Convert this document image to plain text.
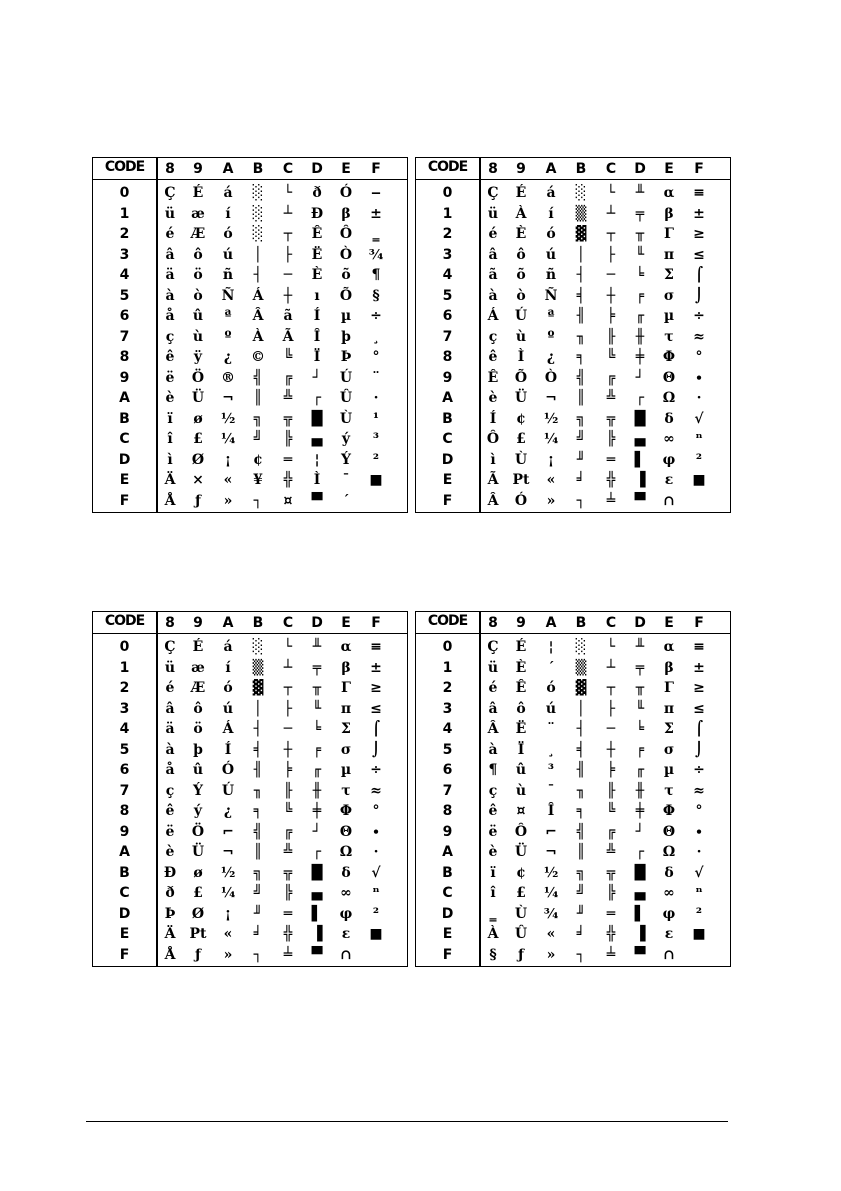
CODE	8	9	A	B	C	D	E	F
0	Ç	É	á	░	└	ð	Ó	‒
1	ü	æ	í	░	┴	Ð	β	±
2	é	Æ	ó	░	┬	Ê	Ô	‗
3	â	ô	ú	│	├	Ë	Ò	¾
4	ä	ö	ñ	┤	─	È	õ	¶
5	à	ò	Ñ	Á	┼	ı	Õ	§
6	å	û	ª	Â	ã	Í	µ	÷
7	ç	ù	º	À	Ã	Î	þ	¸
8	ê	ÿ	¿	©	╚	Ï	Þ	°
9	ë	Ö	®	╣	╔	┘	Ú	¨
A	è	Ü	¬	║	╩	┌	Û	·
B	ï	ø	½	╗	╦	█	Ù	¹
C	î	£	¼	╝	╠	▄	ý	³
D	ì	Ø	¡	¢	═	¦	Ý	²
E	Ä	×	«	¥	╬	Ì	¯	■
F	Å	ƒ	»	┐	¤	▀	´
CODE	8	9	A	B	C	D	E	F
0	Ç	É	á	░	└	╨	α	≡
1	ü	À	í	▒	┴	╤	β	±
2	é	È	ó	▓	┬	╥	Γ	≥
3	â	ô	ú	│	├	╙	π	≤
4	ã	õ	ñ	┤	─	╘	Σ	⌠
5	à	ò	Ñ	╡	┼	╒	σ	⌡
6	Á	Ú	ª	╢	╞	╓	µ	÷
7	ç	ù	º	╖	╟	╫	τ	≈
8	ê	Ì	¿	╕	╚	╪	Φ	°
9	Ê	Õ	Ò	╣	╔	┘	Θ	∙
A	è	Ü	¬	║	╩	┌	Ω	·
B	Í	¢	½	╗	╦	█	δ	√
C	Ô	£	¼	╝	╠	▄	∞	ⁿ
D	ì	Ù	¡	╜	═	▌	φ	²
E	Ã	Pt	«	╛	╬	▐	ε	■
F	Â	Ó	»	┐	╧	▀	∩
CODE	8	9	A	B	C	D	E	F
0	Ç	É	á	░	└	╨	α	≡
1	ü	æ	í	▒	┴	╤	β	±
2	é	Æ	ó	▓	┬	╥	Γ	≥
3	â	ô	ú	│	├	╙	π	≤
4	ä	ö	Á	┤	─	╘	Σ	⌠
5	à	þ	Í	╡	┼	╒	σ	⌡
6	å	û	Ó	╢	╞	╓	µ	÷
7	ç	Ý	Ú	╖	╟	╫	τ	≈
8	ê	ý	¿	╕	╚	╪	Φ	°
9	ë	Ö	⌐	╣	╔	┘	Θ	∙
A	è	Ü	¬	║	╩	┌	Ω	·
B	Ð	ø	½	╗	╦	█	δ	√
C	ð	£	¼	╝	╠	▄	∞	ⁿ
D	Þ	Ø	¡	╜	═	▌	φ	²
E	Ä	Pt	«	╛	╬	▐	ε	■
F	Å	ƒ	»	┐	╧	▀	∩
CODE	8	9	A	B	C	D	E	F
0	Ç	É	¦	░	└	╨	α	≡
1	ü	È	´	▒	┴	╤	β	±
2	é	Ê	ó	▓	┬	╥	Γ	≥
3	â	ô	ú	│	├	╙	π	≤
4	Â	Ë	¨	┤	─	╘	Σ	⌠
5	à	Ï	¸	╡	┼	╒	σ	⌡
6	¶	û	³	╢	╞	╓	µ	÷
7	ç	ù	¯	╖	╟	╫	τ	≈
8	ê	¤	Î	╕	╚	╪	Φ	°
9	ë	Ô	⌐	╣	╔	┘	Θ	∙
A	è	Ü	¬	║	╩	┌	Ω	·
B	ï	¢	½	╗	╦	█	δ	√
C	î	£	¼	╝	╠	▄	∞	ⁿ
D	‗	Ù	¾	╜	═	▌	φ	²
E	À	Û	«	╛	╬	▐	ε	■
F	§	ƒ	»	┐	╧	▀	∩
